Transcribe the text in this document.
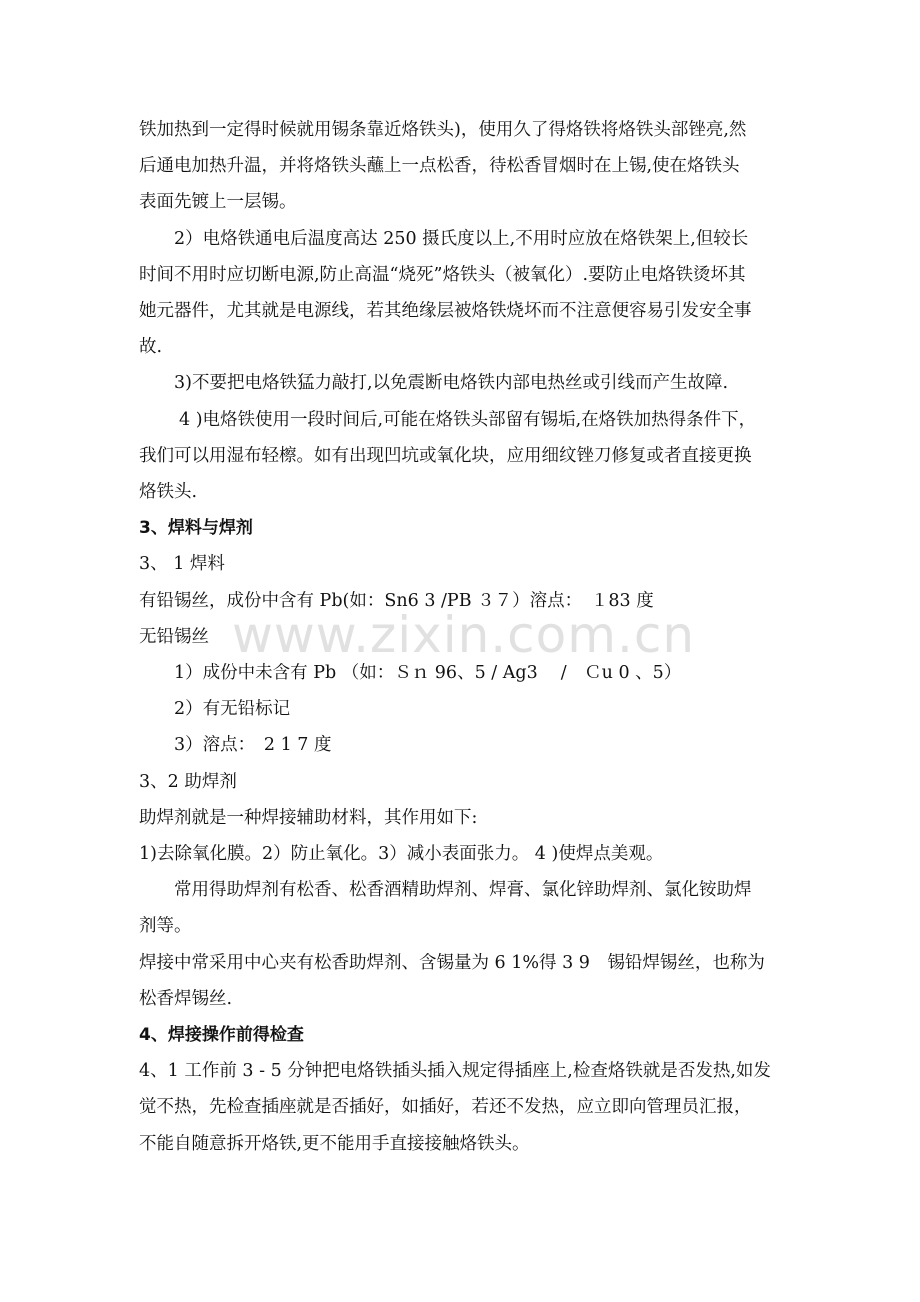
www.zixin.com.cn

铁加热到一定得时候就用锡条靠近烙铁头)，使用久了得烙铁将烙铁头部锉亮,然

后通电加热升温，并将烙铁头蘸上一点松香，待松香冒烟时在上锡,使在烙铁头

表面先镀上一层锡。

2）电烙铁通电后温度高达 250 摄氏度以上,不用时应放在烙铁架上,但较长

时间不用时应切断电源,防止高温“烧死”烙铁头（被氧化）.要防止电烙铁烫坏其

她元器件，尤其就是电源线，若其绝缘层被烙铁烧坏而不注意便容易引发安全事

故.

3)不要把电烙铁猛力敲打,以免震断电烙铁内部电热丝或引线而产生故障.

4 )电烙铁使用一段时间后,可能在烙铁头部留有锡垢,在烙铁加热得条件下，

我们可以用湿布轻檫。如有出现凹坑或氧化块，应用细纹锉刀修复或者直接更换

烙铁头.

3、焊料与焊剂

3、 1 焊料

有铅锡丝，成份中含有 Pb(如：Sn6 3 /PB ３７）溶点：　１83 度

无铅锡丝

1）成份中未含有 Pb （如：Ｓｎ 96、5 / Ag3　 /　Ｃu 0 、5）

2）有无铅标记

3）溶点：　2 1 7 度

3、2 助焊剂

助焊剂就是一种焊接辅助材料，其作用如下:

1)去除氧化膜。2）防止氧化。3）减小表面张力。 4 )使焊点美观。

常用得助焊剂有松香、松香酒精助焊剂、焊膏、氯化锌助焊剂、氯化铵助焊

剂等。

焊接中常采用中心夹有松香助焊剂、含锡量为 6 1%得 3 9　锡铅焊锡丝，也称为

松香焊锡丝.

4、焊接操作前得检查

4、1 工作前 3 - 5 分钟把电烙铁插头插入规定得插座上,检查烙铁就是否发热,如发

觉不热，先检查插座就是否插好，如插好，若还不发热，应立即向管理员汇报，

不能自随意拆开烙铁,更不能用手直接接触烙铁头。
